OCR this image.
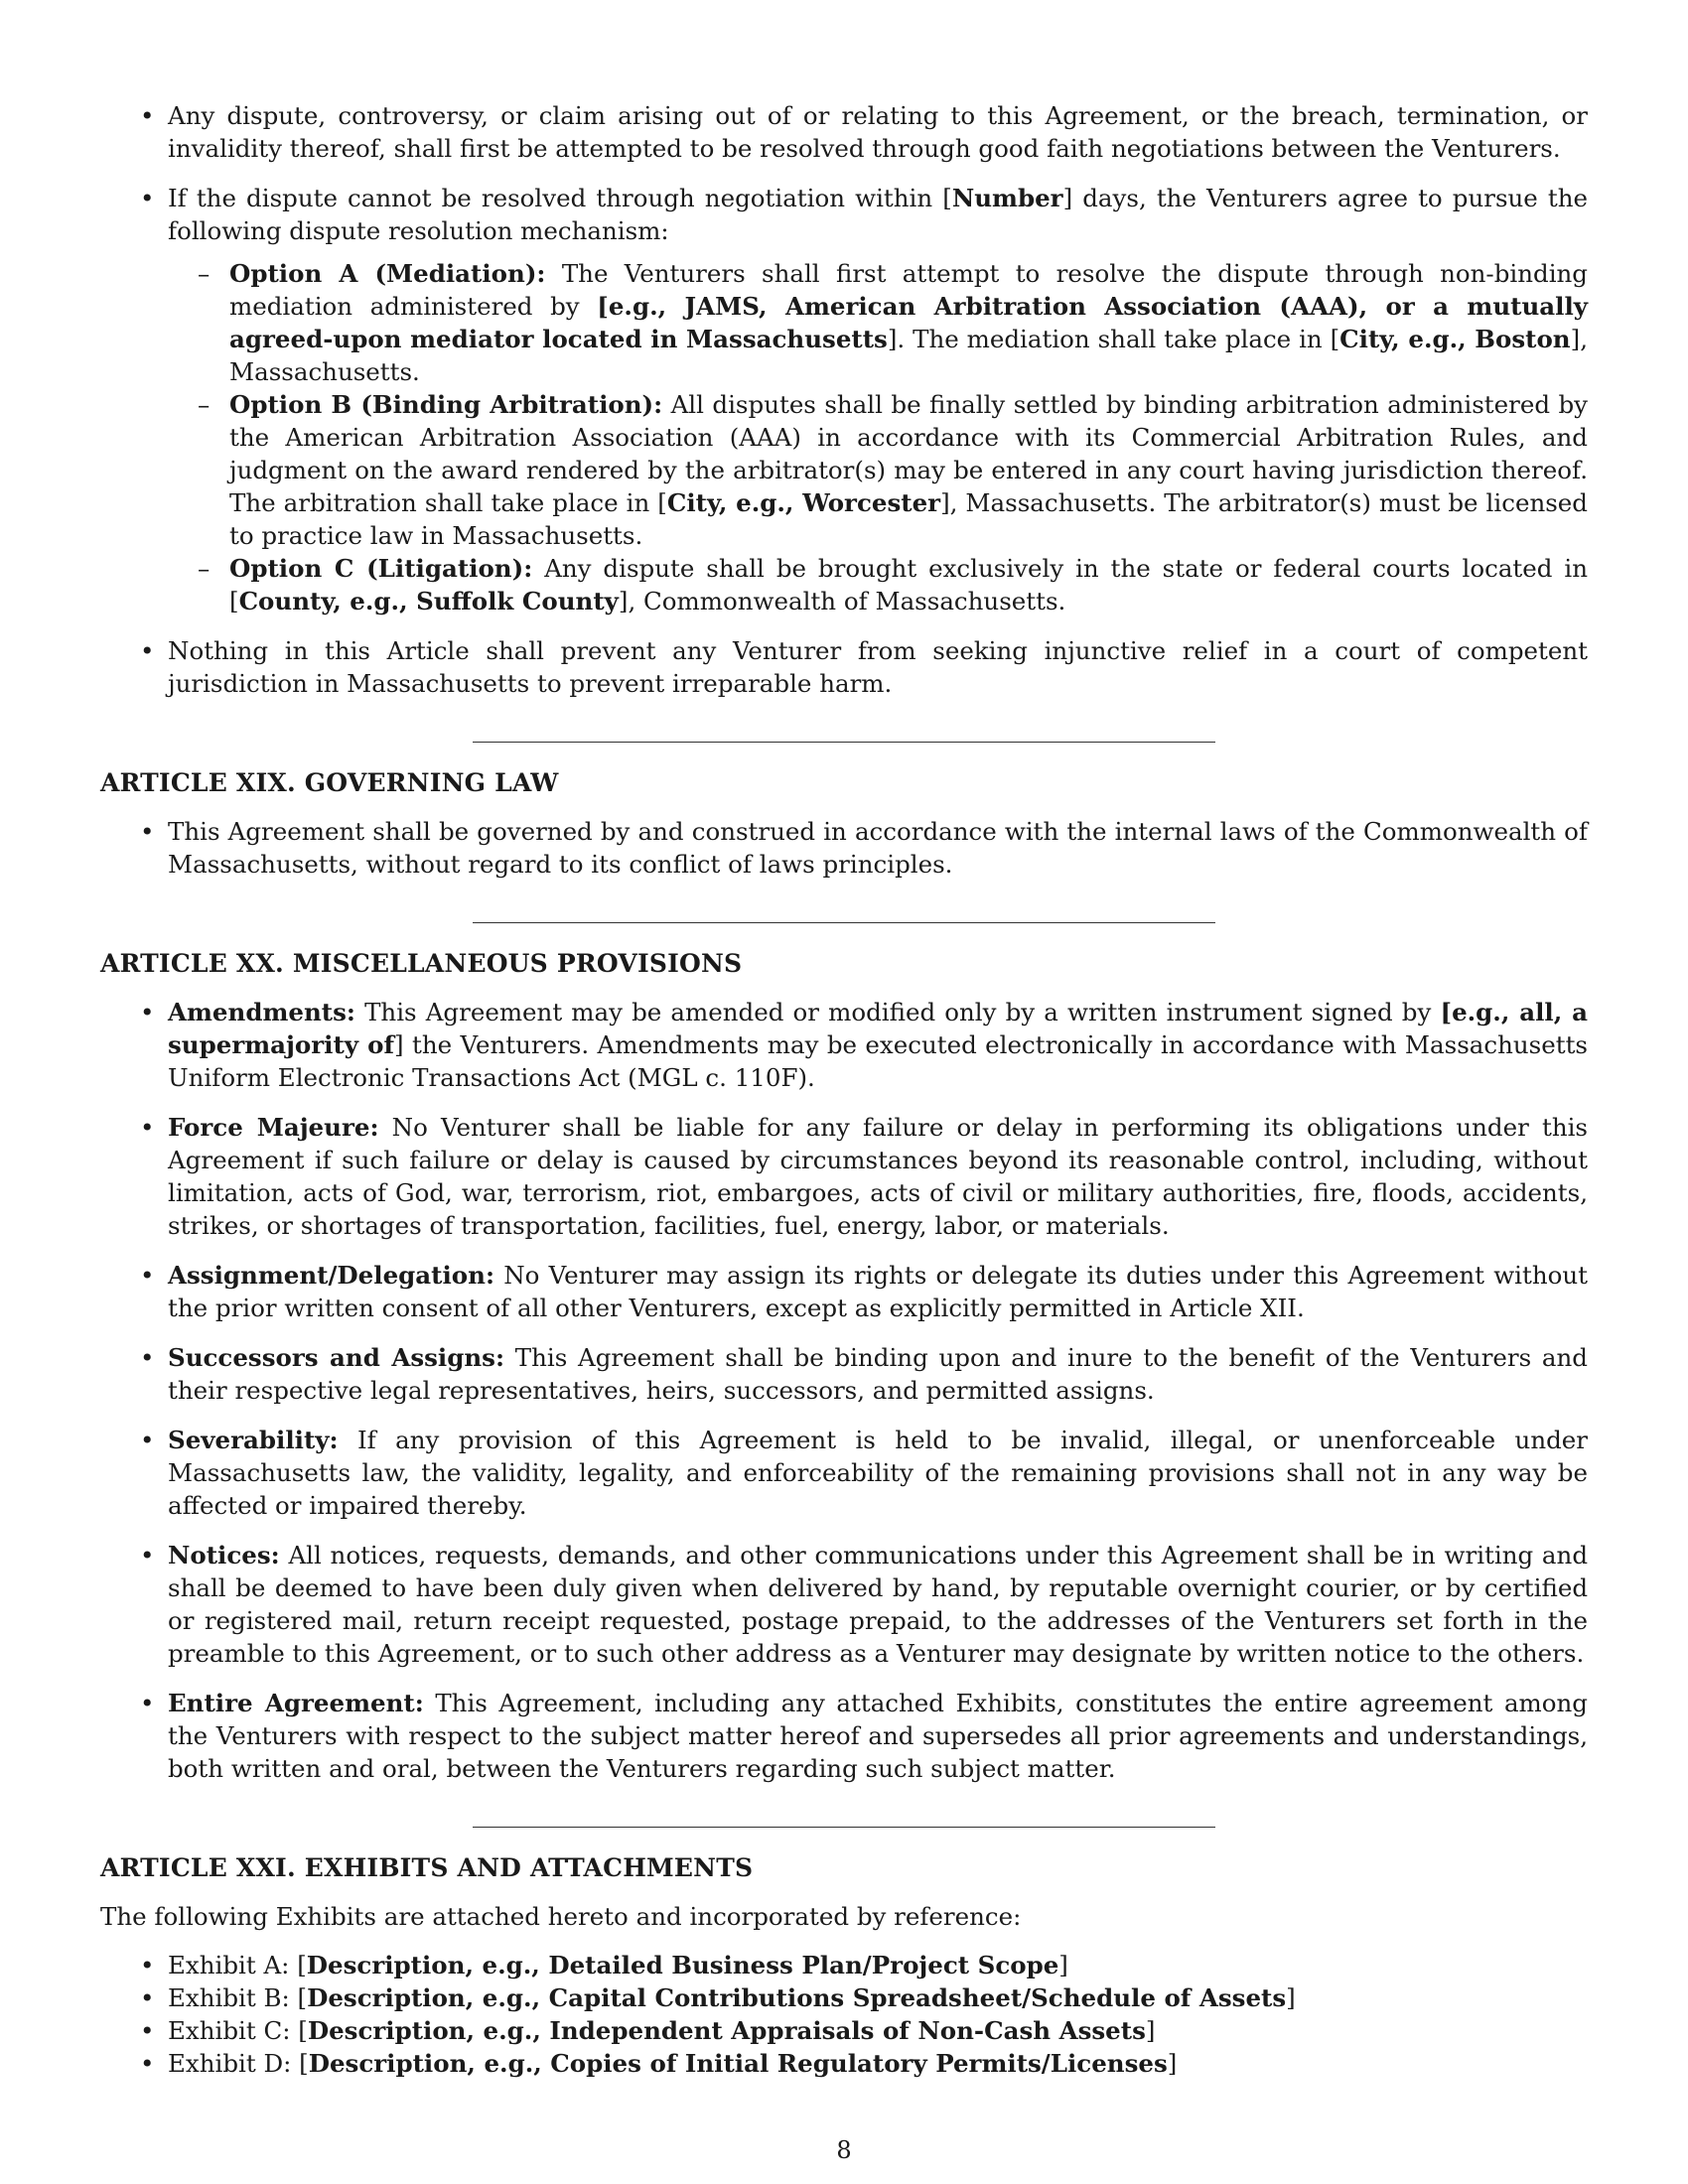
• Any dispute, controversy, or claim arising out of or relating to this Agreement, or the breach, termination, or invalidity thereof, shall first be attempted to be resolved through good faith negotiations between the Venturers.
• If the dispute cannot be resolved through negotiation within [Number] days, the Venturers agree to pursue the following dispute resolution mechanism:
– Option A (Mediation): The Venturers shall first attempt to resolve the dispute through non-binding mediation administered by [e.g., JAMS, American Arbitration Association (AAA), or a mutually agreed-upon mediator located in Massachusetts]. The mediation shall take place in [City, e.g., Boston], Massachusetts.
– Option B (Binding Arbitration): All disputes shall be finally settled by binding arbitration administered by the American Arbitration Association (AAA) in accordance with its Commercial Arbitration Rules, and judgment on the award rendered by the arbitrator(s) may be entered in any court having jurisdiction thereof. The arbitration shall take place in [City, e.g., Worcester], Massachusetts. The arbitrator(s) must be licensed to practice law in Massachusetts.
– Option C (Litigation): Any dispute shall be brought exclusively in the state or federal courts located in [County, e.g., Suffolk County], Commonwealth of Massachusetts.
• Nothing in this Article shall prevent any Venturer from seeking injunctive relief in a court of competent jurisdiction in Massachusetts to prevent irreparable harm.
ARTICLE XIX. GOVERNING LAW
• This Agreement shall be governed by and construed in accordance with the internal laws of the Commonwealth of Massachusetts, without regard to its conflict of laws principles.
ARTICLE XX. MISCELLANEOUS PROVISIONS
• Amendments: This Agreement may be amended or modified only by a written instrument signed by [e.g., all, a supermajority of] the Venturers. Amendments may be executed electronically in accordance with Massachusetts Uniform Electronic Transactions Act (MGL c. 110F).
• Force Majeure: No Venturer shall be liable for any failure or delay in performing its obligations under this Agreement if such failure or delay is caused by circumstances beyond its reasonable control, including, without limitation, acts of God, war, terrorism, riot, embargoes, acts of civil or military authorities, fire, floods, accidents, strikes, or shortages of transportation, facilities, fuel, energy, labor, or materials.
• Assignment/Delegation: No Venturer may assign its rights or delegate its duties under this Agreement without the prior written consent of all other Venturers, except as explicitly permitted in Article XII.
• Successors and Assigns: This Agreement shall be binding upon and inure to the benefit of the Venturers and their respective legal representatives, heirs, successors, and permitted assigns.
• Severability: If any provision of this Agreement is held to be invalid, illegal, or unenforceable under Massachusetts law, the validity, legality, and enforceability of the remaining provisions shall not in any way be affected or impaired thereby.
• Notices: All notices, requests, demands, and other communications under this Agreement shall be in writing and shall be deemed to have been duly given when delivered by hand, by reputable overnight courier, or by certified or registered mail, return receipt requested, postage prepaid, to the addresses of the Venturers set forth in the preamble to this Agreement, or to such other address as a Venturer may designate by written notice to the others.
• Entire Agreement: This Agreement, including any attached Exhibits, constitutes the entire agreement among the Venturers with respect to the subject matter hereof and supersedes all prior agreements and understandings, both written and oral, between the Venturers regarding such subject matter.
ARTICLE XXI. EXHIBITS AND ATTACHMENTS
The following Exhibits are attached hereto and incorporated by reference:
• Exhibit A: [Description, e.g., Detailed Business Plan/Project Scope]
• Exhibit B: [Description, e.g., Capital Contributions Spreadsheet/Schedule of Assets]
• Exhibit C: [Description, e.g., Independent Appraisals of Non-Cash Assets]
• Exhibit D: [Description, e.g., Copies of Initial Regulatory Permits/Licenses]
8
